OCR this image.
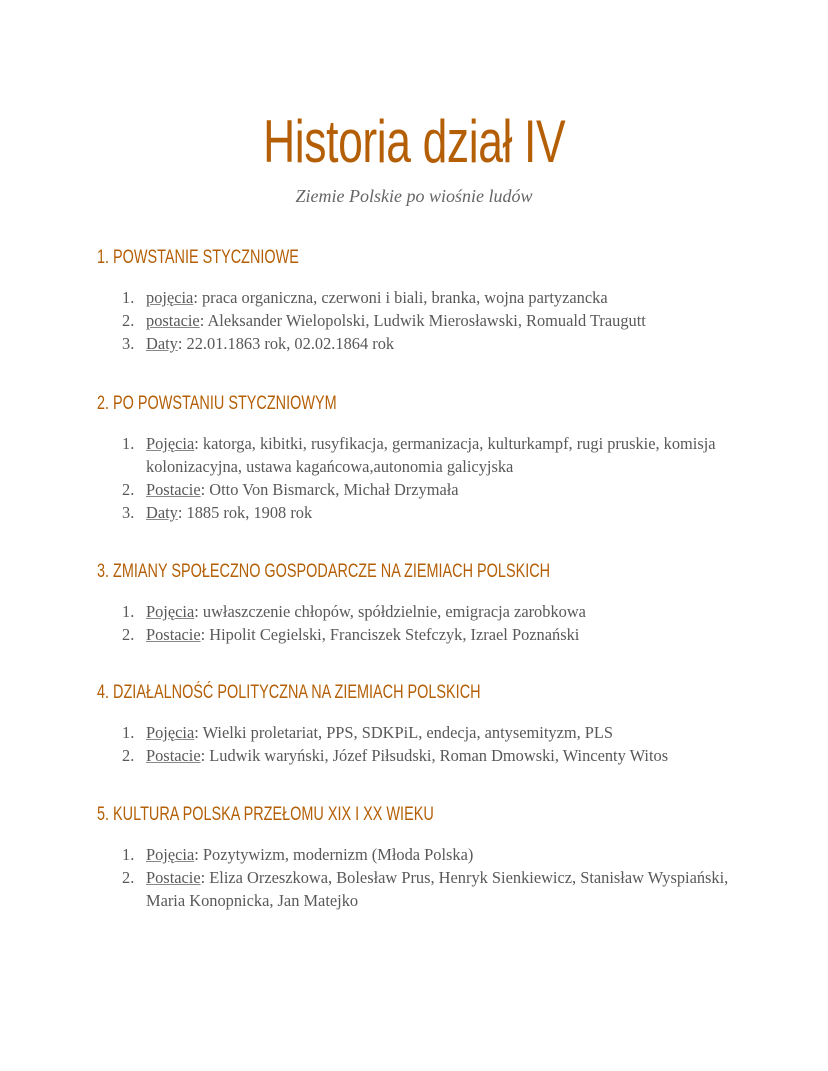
Historia dział IV
Ziemie Polskie po wiośnie ludów
1. POWSTANIE STYCZNIOWE
1. pojęcia: praca organiczna, czerwoni i biali, branka, wojna partyzancka
2. postacie: Aleksander Wielopolski, Ludwik Mierosławski, Romuald Traugutt
3. Daty: 22.01.1863 rok, 02.02.1864 rok
2. PO POWSTANIU STYCZNIOWYM
1. Pojęcia: katorga, kibitki, rusyfikacja, germanizacja, kulturkampf, rugi pruskie, komisja kolonizacyjna, ustawa kagańcowa,autonomia galicyjska
2. Postacie: Otto Von Bismarck, Michał Drzymała
3. Daty: 1885 rok, 1908 rok
3. ZMIANY SPOŁECZNO GOSPODARCZE NA ZIEMIACH POLSKICH
1. Pojęcia: uwłaszczenie chłopów, spółdzielnie, emigracja zarobkowa
2. Postacie: Hipolit Cegielski, Franciszek Stefczyk, Izrael Poznański
4. DZIAŁALNOŚĆ POLITYCZNA NA ZIEMIACH POLSKICH
1. Pojęcia: Wielki proletariat, PPS, SDKPiL, endecja, antysemityzm, PLS
2. Postacie: Ludwik waryński, Józef Piłsudski, Roman Dmowski, Wincenty Witos
5. KULTURA POLSKA PRZEŁOMU XIX I XX WIEKU
1. Pojęcia: Pozytywizm, modernizm (Młoda Polska)
2. Postacie: Eliza Orzeszkowa, Bolesław Prus, Henryk Sienkiewicz, Stanisław Wyspiański, Maria Konopnicka, Jan Matejko
